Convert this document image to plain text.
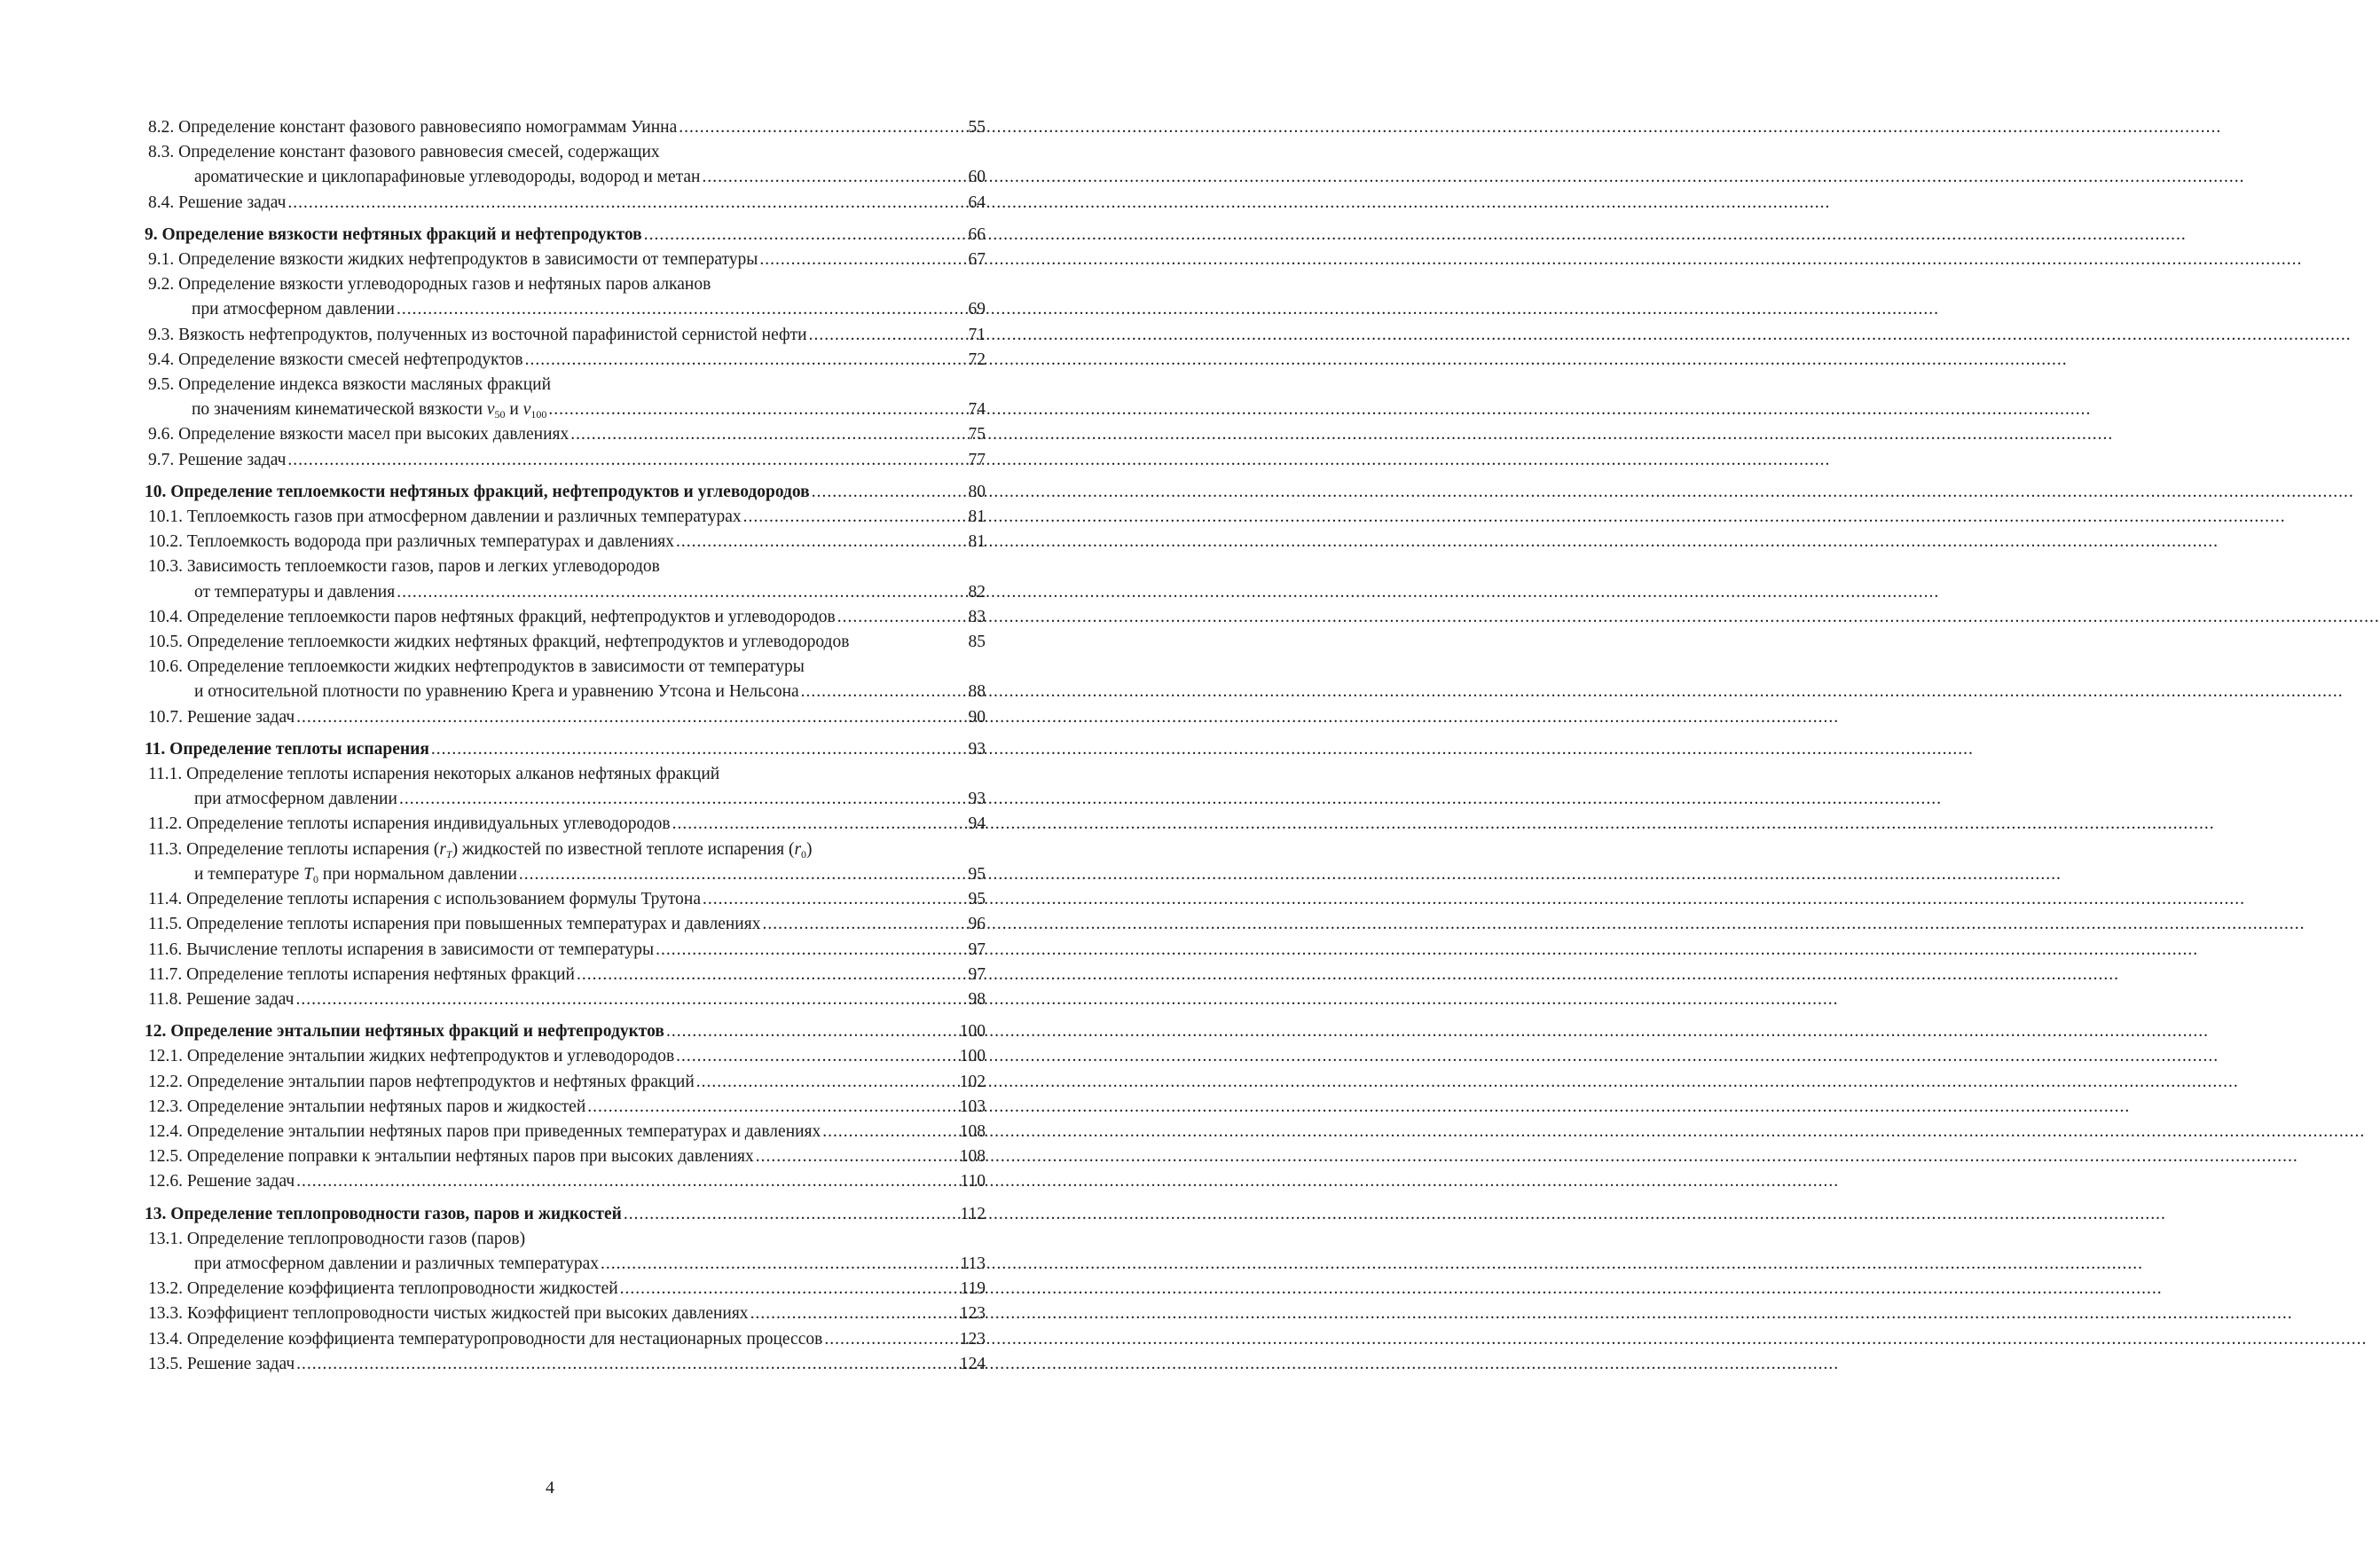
8.2. Определение констант фазового равновесияпо номограммам Уинна .....	55
8.3. Определение констант фазового равновесия смесей, содержащих
ароматические и циклопарафиновые углеводороды, водород и метан .....	60
8.4. Решение задач .....	64
9. Определение вязкости нефтяных фракций и нефтепродуктов .....	66
9.1. Определение вязкости жидких нефтепродуктов в зависимости от температуры .....	67
9.2. Определение вязкости углеводородных газов и нефтяных паров алканов
при атмосферном давлении .....	69
9.3. Вязкость нефтепродуктов, полученных из восточной парафинистой сернистой нефти .....	71
9.4. Определение вязкости смесей нефтепродуктов .....	72
9.5. Определение индекса вязкости масляных фракций
по значениям кинематической вязкости $v_{50}$ и $v_{100}$ .....	74
9.6. Определение вязкости масел при высоких давлениях .....	75
9.7. Решение задач .....	77
10. Определение теплоемкости нефтяных фракций, нефтепродуктов и углеводородов .....	80
10.1. Теплоемкость газов при атмосферном давлении и различных температурах .....	81
10.2. Теплоемкость водорода при различных температурах и давлениях .....	81
10.3. Зависимость теплоемкости газов, паров и легких углеводородов
от температуры и давления .....	82
10.4. Определение теплоемкости паров нефтяных фракций, нефтепродуктов и углеводородов .....	83
10.5. Определение теплоемкости жидких нефтяных фракций, нефтепродуктов и углеводородов	85
10.6. Определение теплоемкости жидких нефтепродуктов в зависимости от температуры
и относительной плотности по уравнению Крега и уравнению Утсона и Нельсона .....	88
10.7. Решение задач .....	90
11. Определение теплоты испарения .....	93
11.1. Определение теплоты испарения некоторых алканов нефтяных фракций
при атмосферном давлении .....	93
11.2. Определение теплоты испарения индивидуальных углеводородов .....	94
11.3. Определение теплоты испарения $(r_T)$ жидкостей по известной теплоте испарения $(r_0)$
и температуре $T_0$ при нормальном давлении .....	95
11.4. Определение теплоты испарения с использованием формулы Трутона .....	95
11.5. Определение теплоты испарения при повышенных температурах и давлениях .....	96
11.6. Вычисление теплоты испарения в зависимости от температуры .....	97
11.7. Определение теплоты испарения нефтяных фракций .....	97
11.8. Решение задач .....	98
12. Определение энтальпии нефтяных фракций и нефтепродуктов .....	100
12.1. Определение энтальпии жидких нефтепродуктов и углеводородов .....	100
12.2. Определение энтальпии паров нефтепродуктов и нефтяных фракций .....	102
12.3. Определение энтальпии нефтяных паров и жидкостей .....	103
12.4. Определение энтальпии нефтяных паров при приведенных температурах и давлениях .....	108
12.5. Определение поправки к энтальпии нефтяных паров при высоких давлениях .....	108
12.6. Решение задач .....	110
13. Определение теплопроводности газов, паров и жидкостей .....	112
13.1. Определение теплопроводности газов (паров)
при атмосферном давлении и различных температурах .....	113
13.2. Определение коэффициента теплопроводности жидкостей .....	119
13.3. Коэффициент теплопроводности чистых жидкостей при высоких давлениях .....	123
13.4. Определение коэффициента температуропроводности для нестационарных процессов .....	123
13.5. Решение задач .....	124
4
